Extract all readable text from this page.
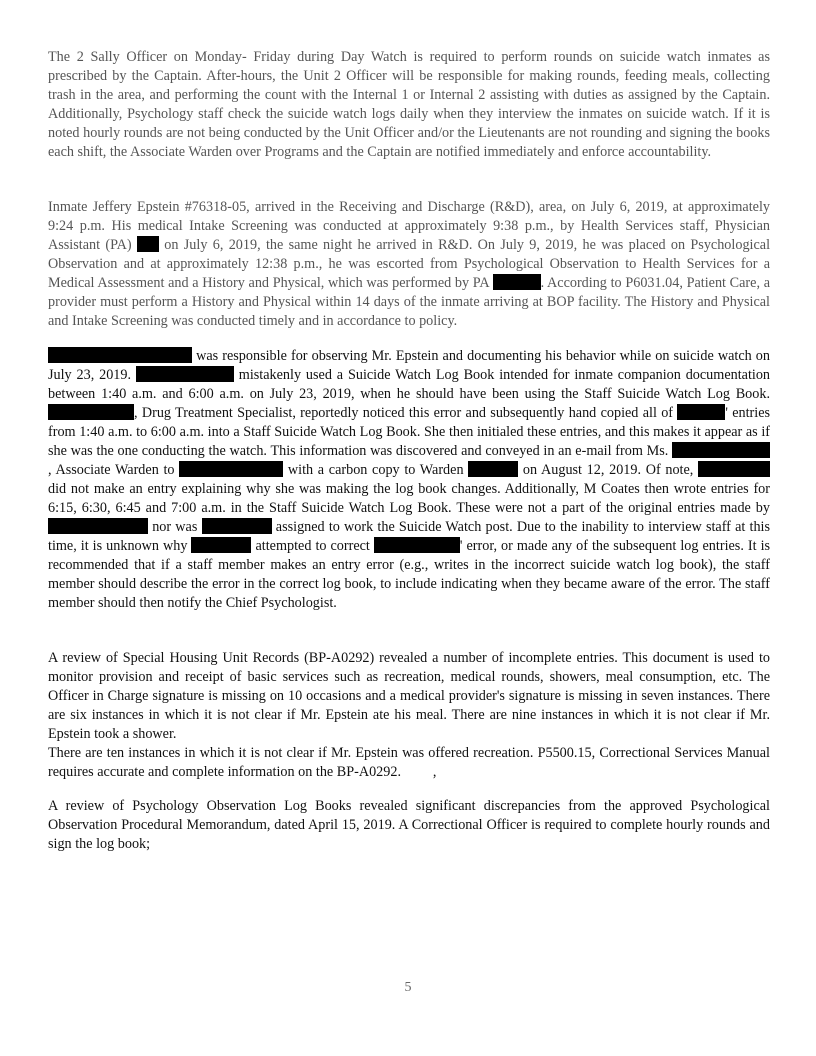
The 2 Sally Officer on Monday- Friday during Day Watch is required to perform rounds on suicide watch inmates as prescribed by the Captain. After-hours, the Unit 2 Officer will be responsible for making rounds, feeding meals, collecting trash in the area, and performing the count with the Internal 1 or Internal 2 assisting with duties as assigned by the Captain. Additionally, Psychology staff check the suicide watch logs daily when they interview the inmates on suicide watch. If it is noted hourly rounds are not being conducted by the Unit Officer and/or the Lieutenants are not rounding and signing the books each shift, the Associate Warden over Programs and the Captain are notified immediately and enforce accountability.

Inmate Jeffery Epstein #76318-05, arrived in the Receiving and Discharge (R&D), area, on July 6, 2019, at approximately 9:24 p.m. His medical Intake Screening was conducted at approximately 9:38 p.m., by Health Services staff, Physician Assistant (PA) on July 6, 2019, the same night he arrived in R&D. On July 9, 2019, he was placed on Psychological Observation and at approximately 12:38 p.m., he was escorted from Psychological Observation to Health Services for a Medical Assessment and a History and Physical, which was performed by PA	. According to P6031.04, Patient Care, a provider must perform a History and Physical within 14 days of the inmate arriving at BOP facility. The History and Physical and Intake Screening was conducted timely and in accordance to policy.

was responsible for observing Mr. Epstein and documenting his behavior while on suicide watch on July 23, 2019.	mistakenly used a Suicide Watch Log Book intended for inmate companion documentation between 1:40 a.m. and 6:00 a.m. on July 23, 2019, when he should have been using the Staff Suicide Watch Log Book. , Drug Treatment Specialist, reportedly noticed this error and subsequently hand copied all of	' entries from 1:40 a.m. to 6:00 a.m. into a Staff Suicide Watch Log Book. She then initialed these entries, and this makes it appear as if she was the one conducting the watch. This information was discovered and conveyed in an e-mail from Ms. , Associate Warden to	with a carbon copy to Warden	on August 12, 2019. Of note,  did not make an entry explaining why she was making the log book changes. Additionally, M Coates then wrote entries for 6:15, 6:30, 6:45 and 7:00 a.m. in the Staff Suicide Watch Log Book. These were not a part of the original entries made by  nor was	assigned to work the Suicide Watch post. Due to the inability to interview staff at this time, it is unknown why	attempted to correct	' error, or made any of the subsequent log entries. It is recommended that if a staff member makes an entry error (e.g., writes in the incorrect suicide watch log book), the staff member should describe the error in the correct log book, to include indicating when they became aware of the error. The staff member should then notify the Chief Psychologist.

A review of Special Housing Unit Records (BP-A0292) revealed a number of incomplete entries. This document is used to monitor provision and receipt of basic services such as recreation, medical rounds, showers, meal consumption, etc. The Officer in Charge signature is missing on 10 occasions and a medical provider's signature is missing in seven instances. There are six instances in which it is not clear if Mr. Epstein ate his meal. There are nine instances in which it is not clear if Mr. Epstein took a shower.

There are ten instances in which it is not clear if Mr. Epstein was offered recreation. P5500.15, Correctional Services Manual requires accurate and complete information on the BP-A0292. ,

A review of Psychology Observation Log Books revealed significant discrepancies from the approved Psychological Observation Procedural Memorandum, dated April 15, 2019. A Correctional Officer is required to complete hourly rounds and sign the log book;

5
